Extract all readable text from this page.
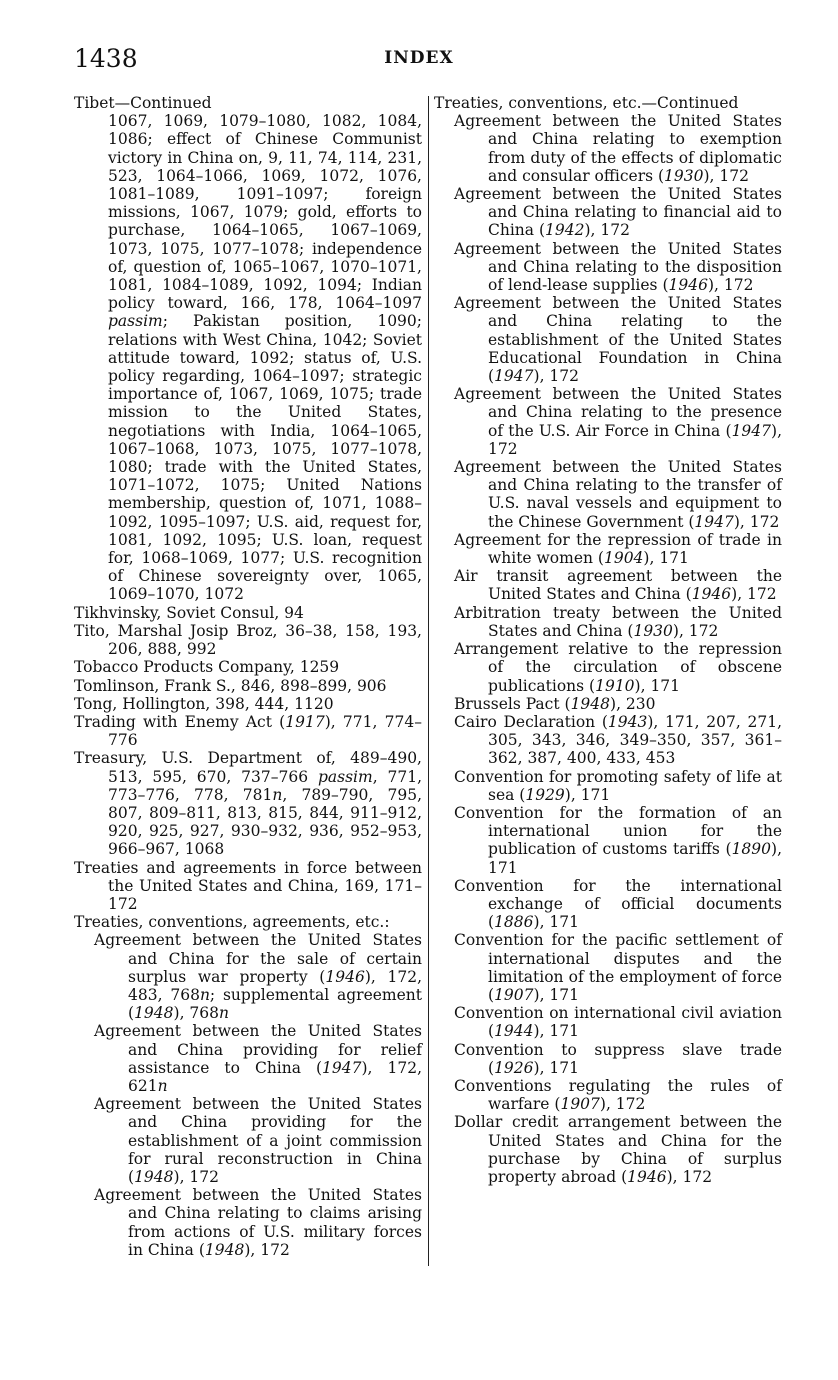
1438	INDEX
Tibet—Continued
1067, 1069, 1079–1080, 1082, 1084, 1086; effect of Chinese Communist victory in China on, 9, 11, 74, 114, 231, 523, 1064–1066, 1069, 1072, 1076, 1081–1089, 1091–1097; foreign missions, 1067, 1079; gold, efforts to purchase, 1064–1065, 1067–1069, 1073, 1075, 1077–1078; independence of, question of, 1065–1067, 1070–1071, 1081, 1084–1089, 1092, 1094; Indian policy toward, 166, 178, 1064–1097 passim; Pakistan position, 1090; relations with West China, 1042; Soviet attitude toward, 1092; status of, U.S. policy regarding, 1064–1097; strategic importance of, 1067, 1069, 1075; trade mission to the United States, negotiations with India, 1064–1065, 1067–1068, 1073, 1075, 1077–1078, 1080; trade with the United States, 1071–1072, 1075; United Nations membership, question of, 1071, 1088–1092, 1095–1097; U.S. aid, request for, 1081, 1092, 1095; U.S. loan, request for, 1068–1069, 1077; U.S. recognition of Chinese sovereignty over, 1065, 1069–1070, 1072
Tikhvinsky, Soviet Consul, 94
Tito, Marshal Josip Broz, 36–38, 158, 193, 206, 888, 992
Tobacco Products Company, 1259
Tomlinson, Frank S., 846, 898–899, 906
Tong, Hollington, 398, 444, 1120
Trading with Enemy Act (1917), 771, 774–776
Treasury, U.S. Department of, 489–490, 513, 595, 670, 737–766 passim, 771, 773–776, 778, 781n, 789–790, 795, 807, 809–811, 813, 815, 844, 911–912, 920, 925, 927, 930–932, 936, 952–953, 966–967, 1068
Treaties and agreements in force between the United States and China, 169, 171–172
Treaties, conventions, agreements, etc.:
Agreement between the United States and China for the sale of certain surplus war property (1946), 172, 483, 768n; supplemental agreement (1948), 768n
Agreement between the United States and China providing for relief assistance to China (1947), 172, 621n
Agreement between the United States and China providing for the establishment of a joint commission for rural reconstruction in China (1948), 172
Agreement between the United States and China relating to claims arising from actions of U.S. military forces in China (1948), 172
Treaties, conventions, etc.—Continued
Agreement between the United States and China relating to exemption from duty of the effects of diplomatic and consular officers (1930), 172
Agreement between the United States and China relating to financial aid to China (1942), 172
Agreement between the United States and China relating to the disposition of lend-lease supplies (1946), 172
Agreement between the United States and China relating to the establishment of the United States Educational Foundation in China (1947), 172
Agreement between the United States and China relating to the presence of the U.S. Air Force in China (1947), 172
Agreement between the United States and China relating to the transfer of U.S. naval vessels and equipment to the Chinese Government (1947), 172
Agreement for the repression of trade in white women (1904), 171
Air transit agreement between the United States and China (1946), 172
Arbitration treaty between the United States and China (1930), 172
Arrangement relative to the repression of the circulation of obscene publications (1910), 171
Brussels Pact (1948), 230
Cairo Declaration (1943), 171, 207, 271, 305, 343, 346, 349–350, 357, 361–362, 387, 400, 433, 453
Convention for promoting safety of life at sea (1929), 171
Convention for the formation of an international union for the publication of customs tariffs (1890), 171
Convention for the international exchange of official documents (1886), 171
Convention for the pacific settlement of international disputes and the limitation of the employment of force (1907), 171
Convention on international civil aviation (1944), 171
Convention to suppress slave trade (1926), 171
Conventions regulating the rules of warfare (1907), 172
Dollar credit arrangement between the United States and China for the purchase by China of surplus property abroad (1946), 172
